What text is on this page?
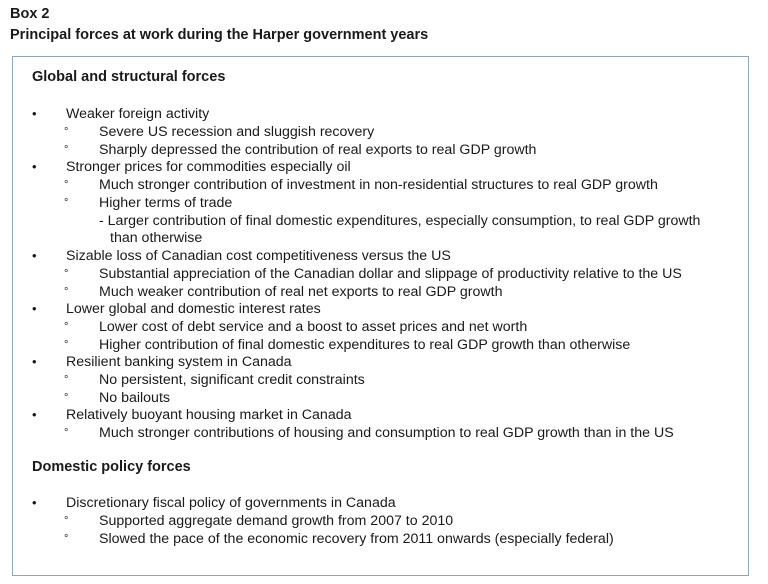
Box 2
Principal forces at work during the Harper government years
Global and structural forces
• Weaker foreign activity
° Severe US recession and sluggish recovery
° Sharply depressed the contribution of real exports to real GDP growth
• Stronger prices for commodities especially oil
° Much stronger contribution of investment in non-residential structures to real GDP growth
° Higher terms of trade
- Larger contribution of final domestic expenditures, especially consumption, to real GDP growth
than otherwise
• Sizable loss of Canadian cost competitiveness versus the US
° Substantial appreciation of the Canadian dollar and slippage of productivity relative to the US
° Much weaker contribution of real net exports to real GDP growth
• Lower global and domestic interest rates
° Lower cost of debt service and a boost to asset prices and net worth
° Higher contribution of final domestic expenditures to real GDP growth than otherwise
• Resilient banking system in Canada
° No persistent, significant credit constraints
° No bailouts
• Relatively buoyant housing market in Canada
° Much stronger contributions of housing and consumption to real GDP growth than in the US
Domestic policy forces
• Discretionary fiscal policy of governments in Canada
° Supported aggregate demand growth from 2007 to 2010
° Slowed the pace of the economic recovery from 2011 onwards (especially federal)
